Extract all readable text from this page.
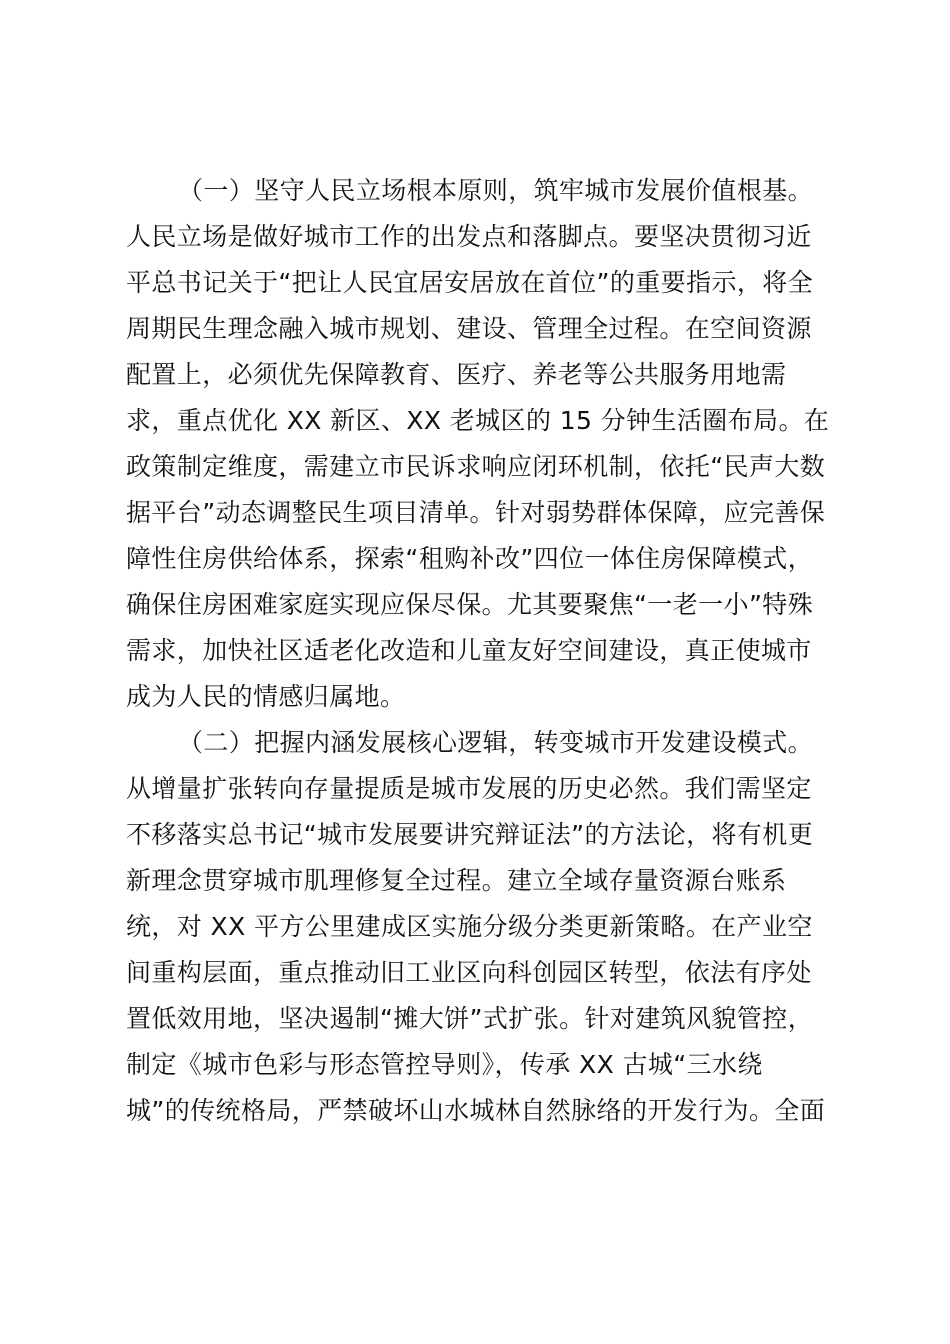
（一）坚守人民立场根本原则，筑牢城市发展价值根基。
人民立场是做好城市工作的出发点和落脚点。要坚决贯彻习近
平总书记关于“把让人民宜居安居放在首位”的重要指示，将全
周期民生理念融入城市规划、建设、管理全过程。在空间资源
配置上，必须优先保障教育、医疗、养老等公共服务用地需
求，重点优化 XX 新区、XX 老城区的 15 分钟生活圈布局。在
政策制定维度，需建立市民诉求响应闭环机制，依托“民声大数
据平台”动态调整民生项目清单。针对弱势群体保障，应完善保
障性住房供给体系，探索“租购补改”四位一体住房保障模式，
确保住房困难家庭实现应保尽保。尤其要聚焦“一老一小”特殊
需求，加快社区适老化改造和儿童友好空间建设，真正使城市
成为人民的情感归属地。
（二）把握内涵发展核心逻辑，转变城市开发建设模式。
从增量扩张转向存量提质是城市发展的历史必然。我们需坚定
不移落实总书记“城市发展要讲究辩证法”的方法论，将有机更
新理念贯穿城市肌理修复全过程。建立全域存量资源台账系
统，对 XX 平方公里建成区实施分级分类更新策略。在产业空
间重构层面，重点推动旧工业区向科创园区转型，依法有序处
置低效用地，坚决遏制“摊大饼”式扩张。针对建筑风貌管控，
制定《城市色彩与形态管控导则》，传承 XX 古城“三水绕
城”的传统格局，严禁破坏山水城林自然脉络的开发行为。全面
